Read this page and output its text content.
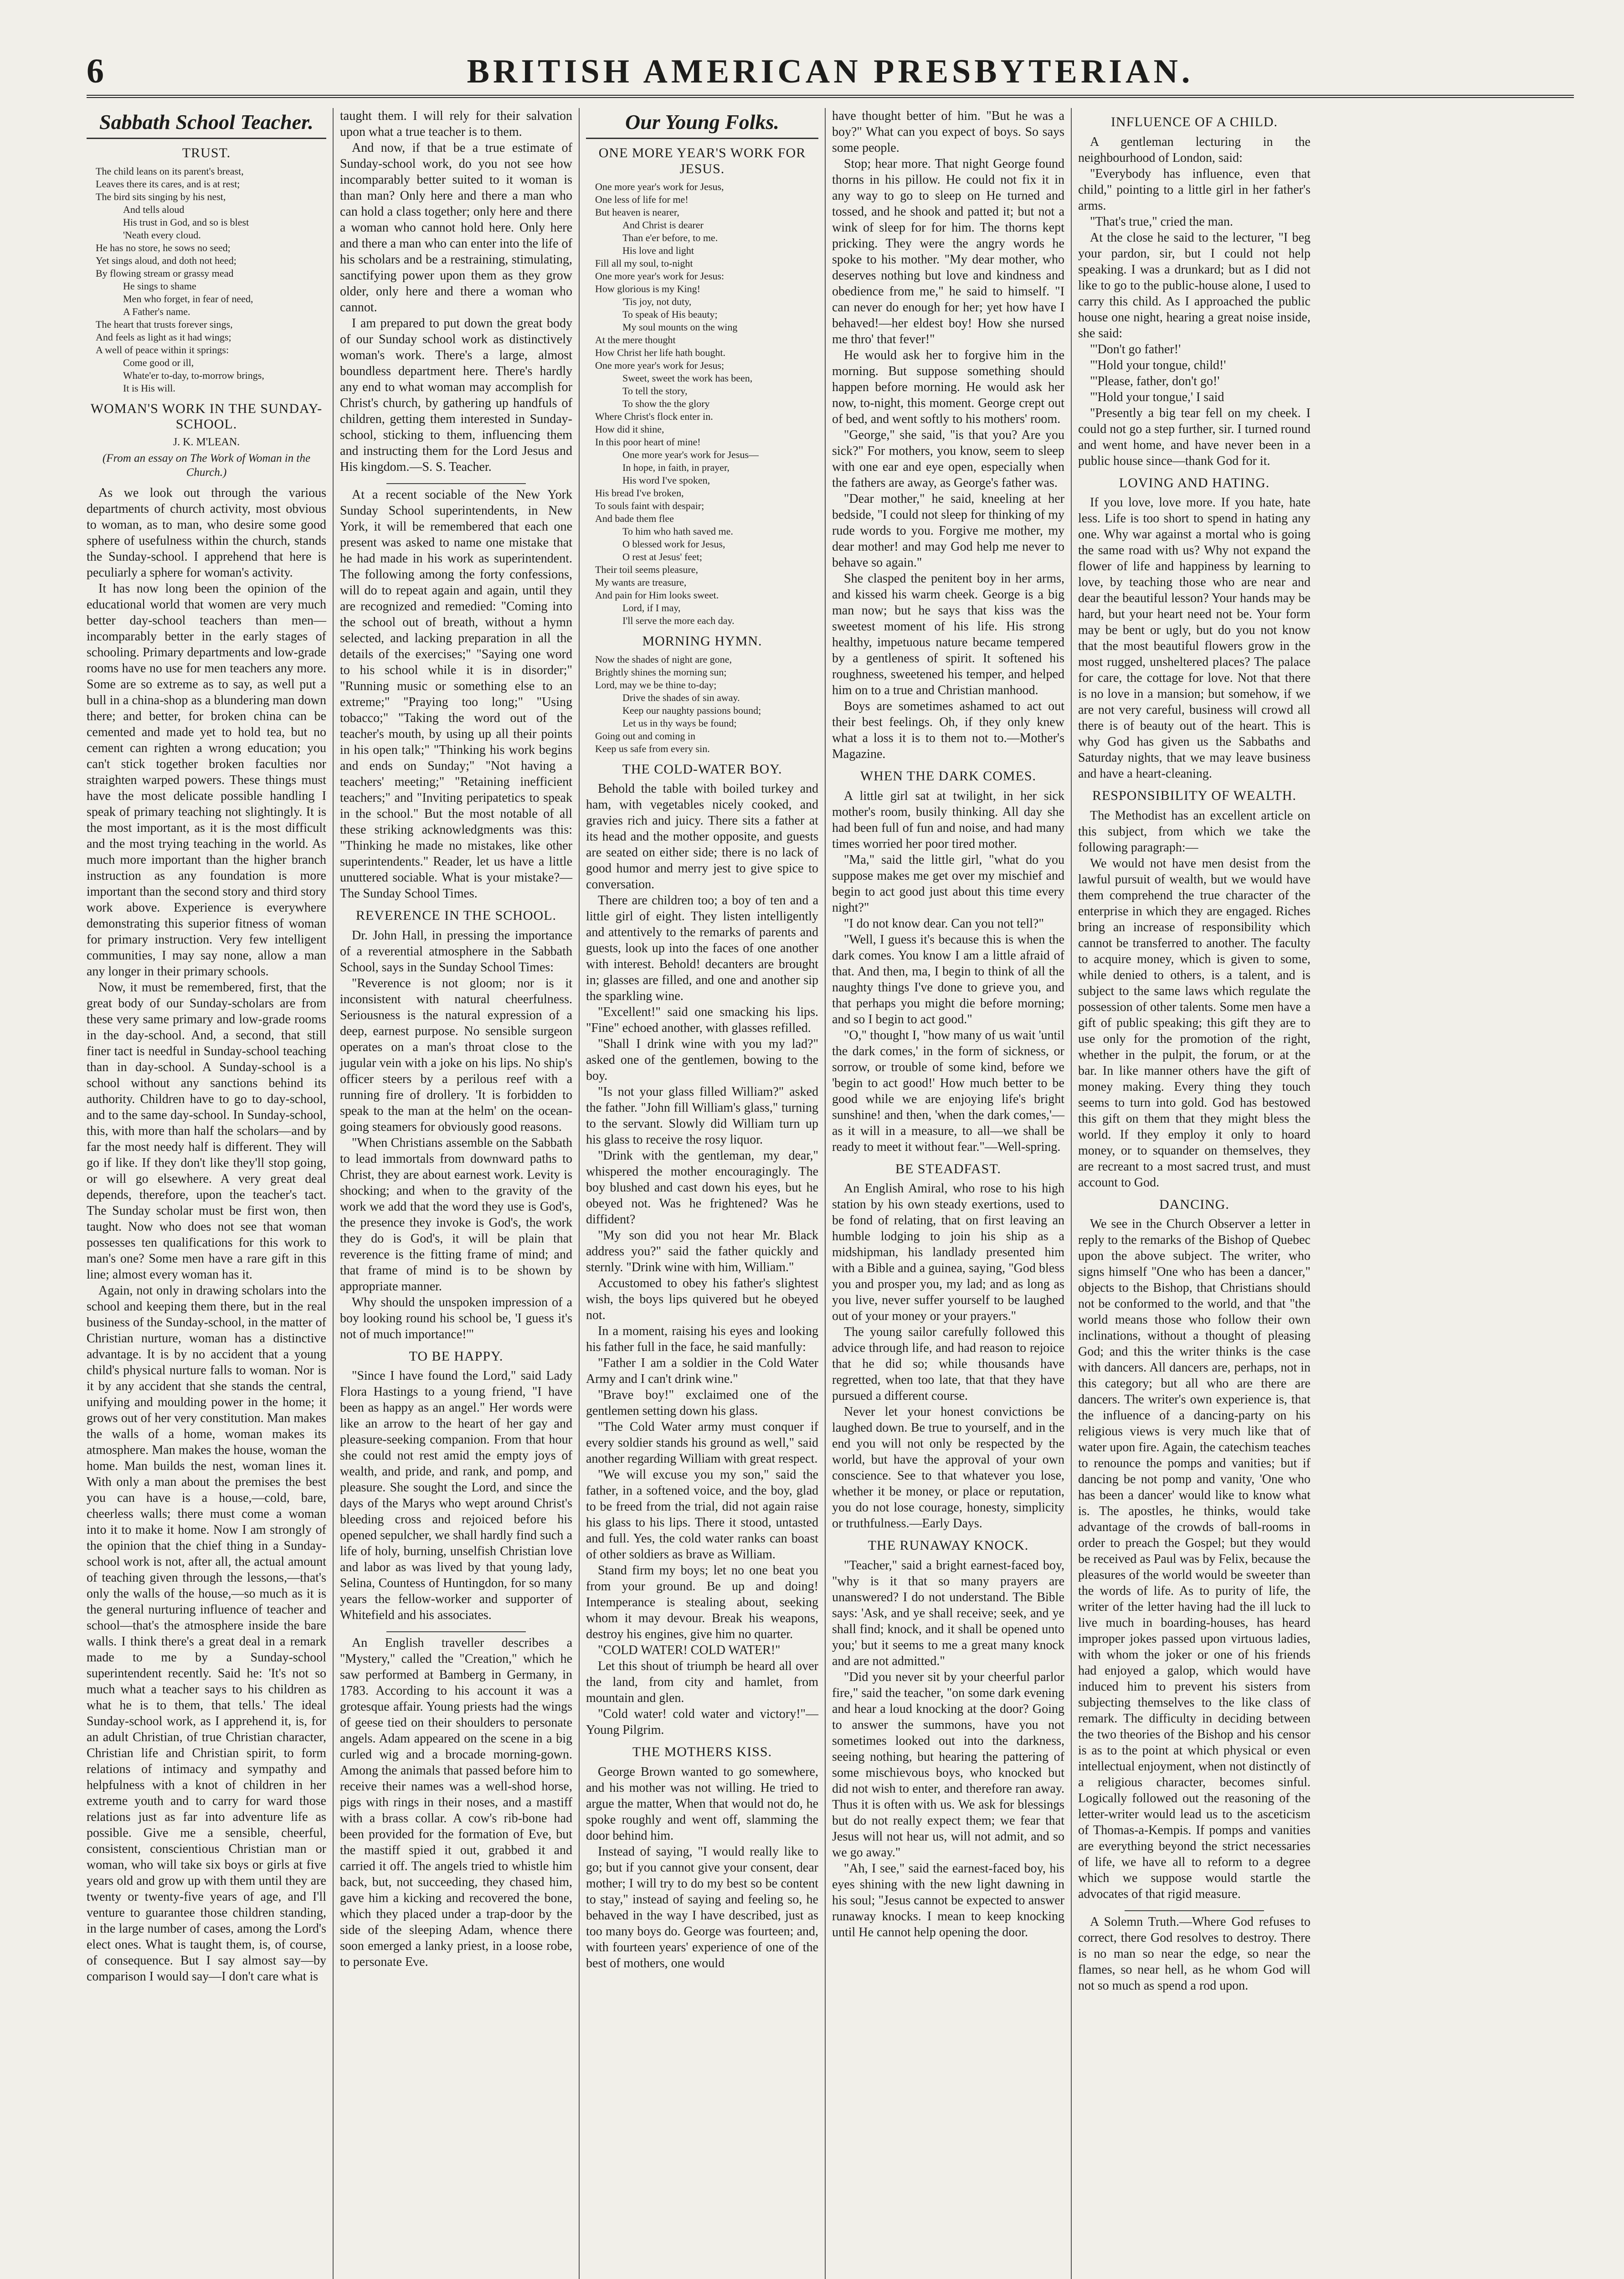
6	BRITISH AMERICAN PRESBYTERIAN.
Sabbath School Teacher.
TRUST.
The child leans on its parent's breast,
Leaves there its cares, and is at rest;
The bird sits singing by his nest,
And tells aloud
His trust in God, and so is blest
'Neath every cloud.
He has no store, he sows no seed;
Yet sings aloud, and doth not heed;
By flowing stream or grassy mead
He sings to shame
Men who forget, in fear of need,
A Father's name.
The heart that trusts forever sings,
And feels as light as it had wings;
A well of peace within it springs:
Come good or ill,
Whate'er to-day, to-morrow brings,
It is His will.
WOMAN'S WORK IN THE SUNDAY-SCHOOL.
J. K. M'LEAN.
(From an essay on The Work of Woman in the Church.)

As we look out through the various departments of church activity, most obvious to woman, as to man, who desire some good sphere of usefulness within the church, stands the Sunday-school. I apprehend that here is peculiarly a sphere for woman's activity.

It has now long been the opinion of the educational world that women are very much better day-school teachers than men—incomparably better in the early stages of schooling. Primary departments and low-grade rooms have no use for men teachers any more. Some are so extreme as to say, as well put a bull in a china-shop as a blundering man down there; and better, for broken china can be cemented and made yet to hold tea, but no cement can righten a wrong education; you can't stick together broken faculties nor straighten warped powers. These things must have the most delicate possible handling I speak of primary teaching not slightingly. It is the most important, as it is the most difficult and the most trying teaching in the world. As much more important than the higher branch instruction as any foundation is more important than the second story and third story work above. Experience is everywhere demonstrating this superior fitness of woman for primary instruction. Very few intelligent communities, I may say none, allow a man any longer in their primary schools.

Now, it must be remembered, first, that the great body of our Sunday-scholars are from these very same primary and low-grade rooms in the day-school. And, a second, that still finer tact is needful in Sunday-school teaching than in day-school. A Sunday-school is a school without any sanctions behind its authority. Children have to go to day-school, and to the same day-school. In Sunday-school, this, with more than half the scholars—and by far the most needy half is different. They will go if like. If they don't like they'll stop going, or will go elsewhere. A very great deal depends, therefore, upon the teacher's tact. The Sunday scholar must be first won, then taught. Now who does not see that woman possesses ten qualifications for this work to man's one? Some men have a rare gift in this line; almost every woman has it.

Again, not only in drawing scholars into the school and keeping them there, but in the real business of the Sunday-school, in the matter of Christian nurture, woman has a distinctive advantage. It is by no accident that a young child's physical nurture falls to woman. Nor is it by any accident that she stands the central, unifying and moulding power in the home; it grows out of her very constitution. Man makes the walls of a home, woman makes its atmosphere. Man makes the house, woman the home. Man builds the nest, woman lines it. With only a man about the premises the best you can have is a house,—cold, bare, cheerless walls; there must come a woman into it to make it home. Now I am strongly of the opinion that the chief thing in a Sunday-school work is not, after all, the actual amount of teaching given through the lessons,—that's only the walls of the house,—so much as it is the general nurturing influence of teacher and school—that's the atmosphere inside the bare walls. I think there's a great deal in a remark made to me by a Sunday-school superintendent recently. Said he: 'It's not so much what a teacher says to his children as what he is to them, that tells.' The ideal Sunday-school work, as I apprehend it, is, for an adult Christian, of true Christian character, Christian life and Christian spirit, to form relations of intimacy and sympathy and helpfulness with a knot of children in her extreme youth and to carry for ward those relations just as far into adventure life as possible. Give me a sensible, cheerful, consistent, conscientious Christian man or woman, who will take six boys or girls at five years old and grow up with them until they are twenty or twenty-five years of age, and I'll venture to guarantee those children standing, in the large number of cases, among the Lord's elect ones. What is taught them, is, of course, of consequence. But I say almost say—by comparison I would say—I don't care what is

taught them. I will rely for their salvation upon what a true teacher is to them.

And now, if that be a true estimate of Sunday-school work, do you not see how incomparably better suited to it woman is than man? Only here and there a man who can hold a class together; only here and there a woman who cannot hold here. Only here and there a man who can enter into the life of his scholars and be a restraining, stimulating, sanctifying power upon them as they grow older, only here and there a woman who cannot.

I am prepared to put down the great body of our Sunday school work as distinctively woman's work. There's a large, almost boundless department here. There's hardly any end to what woman may accomplish for Christ's church, by gathering up handfuls of children, getting them interested in Sunday-school, sticking to them, influencing them and instructing them for the Lord Jesus and His kingdom.—S. S. Teacher.

At a recent sociable of the New York Sunday School superintendents, in New York, it will be remembered that each one present was asked to name one mistake that he had made in his work as superintendent. The following among the forty confessions, will do to repeat again and again, until they are recognized and remedied: "Coming into the school out of breath, without a hymn selected, and lacking preparation in all the details of the exercises;" "Saying one word to his school while it is in disorder;" "Running music or something else to an extreme;" "Praying too long;" "Using tobacco;" "Taking the word out of the teacher's mouth, by using up all their points in his open talk;" "Thinking his work begins and ends on Sunday;" "Not having a teachers' meeting;" "Retaining inefficient teachers;" and "Inviting peripatetics to speak in the school." But the most notable of all these striking acknowledgments was this: "Thinking he made no mistakes, like other superintendents." Reader, let us have a little unuttered sociable. What is your mistake?—The Sunday School Times.

REVERENCE IN THE SCHOOL.

Dr. John Hall, in pressing the importance of a reverential atmosphere in the Sabbath School, says in the Sunday School Times:

"Reverence is not gloom; nor is it inconsistent with natural cheerfulness. Seriousness is the natural expression of a deep, earnest purpose. No sensible surgeon operates on a man's throat close to the jugular vein with a joke on his lips. No ship's officer steers by a perilous reef with a running fire of drollery. 'It is forbidden to speak to the man at the helm' on the ocean-going steamers for obviously good reasons.

"When Christians assemble on the Sabbath to lead immortals from downward paths to Christ, they are about earnest work. Levity is shocking; and when to the gravity of the work we add that the word they use is God's, the presence they invoke is God's, the work they do is God's, it will be plain that reverence is the fitting frame of mind; and that frame of mind is to be shown by appropriate manner.

Why should the unspoken impression of a boy looking round his school be, 'I guess it's not of much importance!'"

TO BE HAPPY.

"Since I have found the Lord," said Lady Flora Hastings to a young friend, "I have been as happy as an angel." Her words were like an arrow to the heart of her gay and pleasure-seeking companion. From that hour she could not rest amid the empty joys of wealth, and pride, and rank, and pomp, and pleasure. She sought the Lord, and since the days of the Marys who wept around Christ's bleeding cross and rejoiced before his opened sepulcher, we shall hardly find such a life of holy, burning, unselfish Christian love and labor as was lived by that young lady, Selina, Countess of Huntingdon, for so many years the fellow-worker and supporter of Whitefield and his associates.

An English traveller describes a "Mystery," called the "Creation," which he saw performed at Bamberg in Germany, in 1783. According to his account it was a grotesque affair. Young priests had the wings of geese tied on their shoulders to personate angels. Adam appeared on the scene in a big curled wig and a brocade morning-gown. Among the animals that passed before him to receive their names was a well-shod horse, pigs with rings in their noses, and a mastiff with a brass collar. A cow's rib-bone had been provided for the formation of Eve, but the mastiff spied it out, grabbed it and carried it off. The angels tried to whistle him back, but, not succeeding, they chased him, gave him a kicking and recovered the bone, which they placed under a trap-door by the side of the sleeping Adam, whence there soon emerged a lanky priest, in a loose robe, to personate Eve.

Our Young Folks.
ONE MORE YEAR'S WORK FOR JESUS.
One more year's work for Jesus,
One less of life for me!
But heaven is nearer,
And Christ is dearer
Than e'er before, to me.
His love and light
Fill all my soul, to-night
One more year's work for Jesus:
How glorious is my King!
'Tis joy, not duty,
To speak of His beauty;
My soul mounts on the wing
At the mere thought
How Christ her life hath bought.
One more year's work for Jesus;
Sweet, sweet the work has been,
To tell the story,
To show the the glory
Where Christ's flock enter in.
How did it shine,
In this poor heart of mine!
One more year's work for Jesus—
In hope, in faith, in prayer,
His word I've spoken,
His bread I've broken,
To souls faint with despair;
And bade them flee
To him who hath saved me.
O blessed work for Jesus,
O rest at Jesus' feet;
Their toil seems pleasure,
My wants are treasure,
And pain for Him looks sweet.
Lord, if I may,
I'll serve the more each day.
MORNING HYMN.
Now the shades of night are gone,
Brightly shines the morning sun;
Lord, may we be thine to-day;
Drive the shades of sin away.
Keep our naughty passions bound;
Let us in thy ways be found;
Going out and coming in
Keep us safe from every sin.
THE COLD-WATER BOY.

Behold the table with boiled turkey and ham, with vegetables nicely cooked, and gravies rich and juicy. There sits a father at its head and the mother opposite, and guests are seated on either side; there is no lack of good humor and merry jest to give spice to conversation.

There are children too; a boy of ten and a little girl of eight. They listen intelligently and attentively to the remarks of parents and guests, look up into the faces of one another with interest. Behold! decanters are brought in; glasses are filled, and one and another sip the sparkling wine.

"Excellent!" said one smacking his lips. "Fine" echoed another, with glasses refilled.

"Shall I drink wine with you my lad?" asked one of the gentlemen, bowing to the boy.

"Is not your glass filled William?" asked the father. "John fill William's glass," turning to the servant. Slowly did William turn up his glass to receive the rosy liquor.

"Drink with the gentleman, my dear," whispered the mother encouragingly. The boy blushed and cast down his eyes, but he obeyed not. Was he frightened? Was he diffident?

"My son did you not hear Mr. Black address you?" said the father quickly and sternly. "Drink wine with him, William."

Accustomed to obey his father's slightest wish, the boys lips quivered but he obeyed not.

In a moment, raising his eyes and looking his father full in the face, he said manfully:

"Father I am a soldier in the Cold Water Army and I can't drink wine."

"Brave boy!" exclaimed one of the gentlemen setting down his glass.

"The Cold Water army must conquer if every soldier stands his ground as well," said another regarding William with great respect.

"We will excuse you my son," said the father, in a softened voice, and the boy, glad to be freed from the trial, did not again raise his glass to his lips. There it stood, untasted and full. Yes, the cold water ranks can boast of other soldiers as brave as William.

Stand firm my boys; let no one beat you from your ground. Be up and doing! Intemperance is stealing about, seeking whom it may devour. Break his weapons, destroy his engines, give him no quarter.

"COLD WATER! COLD WATER!"

Let this shout of triumph be heard all over the land, from city and hamlet, from mountain and glen.

"Cold water! cold water and victory!"—Young Pilgrim.

THE MOTHERS KISS.

George Brown wanted to go somewhere, and his mother was not willing. He tried to argue the matter, When that would not do, he spoke roughly and went off, slamming the door behind him.

Instead of saying, "I would really like to go; but if you cannot give your consent, dear mother; I will try to do my best so be content to stay," instead of saying and feeling so, he behaved in the way I have described, just as too many boys do. George was fourteen; and, with fourteen years' experience of one of the best of mothers, one would

have thought better of him. "But he was a boy?" What can you expect of boys. So says some people.

Stop; hear more. That night George found thorns in his pillow. He could not fix it in any way to go to sleep on He turned and tossed, and he shook and patted it; but not a wink of sleep for for him. The thorns kept pricking. They were the angry words he spoke to his mother. "My dear mother, who deserves nothing but love and kindness and obedience from me," he said to himself. "I can never do enough for her; yet how have I behaved!—her eldest boy! How she nursed me thro' that fever!"

He would ask her to forgive him in the morning. But suppose something should happen before morning. He would ask her now, to-night, this moment. George crept out of bed, and went softly to his mothers' room.

"George," she said, "is that you? Are you sick?" For mothers, you know, seem to sleep with one ear and eye open, especially when the fathers are away, as George's father was.

"Dear mother," he said, kneeling at her bedside, "I could not sleep for thinking of my rude words to you. Forgive me mother, my dear mother! and may God help me never to behave so again."

She clasped the penitent boy in her arms, and kissed his warm cheek. George is a big man now; but he says that kiss was the sweetest moment of his life. His strong healthy, impetuous nature became tempered by a gentleness of spirit. It softened his roughness, sweetened his temper, and helped him on to a true and Christian manhood.

Boys are sometimes ashamed to act out their best feelings. Oh, if they only knew what a loss it is to them not to.—Mother's Magazine.

WHEN THE DARK COMES.

A little girl sat at twilight, in her sick mother's room, busily thinking. All day she had been full of fun and noise, and had many times worried her poor tired mother.

"Ma," said the little girl, "what do you suppose makes me get over my mischief and begin to act good just about this time every night?"

"I do not know dear. Can you not tell?"

"Well, I guess it's because this is when the dark comes. You know I am a little afraid of that. And then, ma, I begin to think of all the naughty things I've done to grieve you, and that perhaps you might die before morning; and so I begin to act good."

"O," thought I, "how many of us wait 'until the dark comes,' in the form of sickness, or sorrow, or trouble of some kind, before we 'begin to act good!' How much better to be good while we are enjoying life's bright sunshine! and then, 'when the dark comes,'—as it will in a measure, to all—we shall be ready to meet it without fear."—Well-spring.

BE STEADFAST.

An English Amiral, who rose to his high station by his own steady exertions, used to be fond of relating, that on first leaving an humble lodging to join his ship as a midshipman, his landlady presented him with a Bible and a guinea, saying, "God bless you and prosper you, my lad; and as long as you live, never suffer yourself to be laughed out of your money or your prayers."

The young sailor carefully followed this advice through life, and had reason to rejoice that he did so; while thousands have regretted, when too late, that that they have pursued a different course.

Never let your honest convictions be laughed down. Be true to yourself, and in the end you will not only be respected by the world, but have the approval of your own conscience. See to that whatever you lose, whether it be money, or place or reputation, you do not lose courage, honesty, simplicity or truthfulness.—Early Days.

THE RUNAWAY KNOCK.

"Teacher," said a bright earnest-faced boy, "why is it that so many prayers are unanswered? I do not understand. The Bible says: 'Ask, and ye shall receive; seek, and ye shall find; knock, and it shall be opened unto you;' but it seems to me a great many knock and are not admitted."

"Did you never sit by your cheerful parlor fire," said the teacher, "on some dark evening and hear a loud knocking at the door? Going to answer the summons, have you not sometimes looked out into the darkness, seeing nothing, but hearing the pattering of some mischievous boys, who knocked but did not wish to enter, and therefore ran away. Thus it is often with us. We ask for blessings but do not really expect them; we fear that Jesus will not hear us, will not admit, and so we go away."

"Ah, I see," said the earnest-faced boy, his eyes shining with the new light dawning in his soul; "Jesus cannot be expected to answer runaway knocks. I mean to keep knocking until He cannot help opening the door.

INFLUENCE OF A CHILD.

A gentleman lecturing in the neighbourhood of London, said:

"Everybody has influence, even that child," pointing to a little girl in her father's arms.

"That's true," cried the man.

At the close he said to the lecturer, "I beg your pardon, sir, but I could not help speaking. I was a drunkard; but as I did not like to go to the public-house alone, I used to carry this child. As I approached the public house one night, hearing a great noise inside, she said:

"'Don't go father!'

"'Hold your tongue, child!'

"'Please, father, don't go!'

"'Hold your tongue,' I said

"Presently a big tear fell on my cheek. I could not go a step further, sir. I turned round and went home, and have never been in a public house since—thank God for it.

LOVING AND HATING.

If you love, love more. If you hate, hate less. Life is too short to spend in hating any one. Why war against a mortal who is going the same road with us? Why not expand the flower of life and happiness by learning to love, by teaching those who are near and dear the beautiful lesson? Your hands may be hard, but your heart need not be. Your form may be bent or ugly, but do you not know that the most beautiful flowers grow in the most rugged, unsheltered places? The palace for care, the cottage for love. Not that there is no love in a mansion; but somehow, if we are not very careful, business will crowd all there is of beauty out of the heart. This is why God has given us the Sabbaths and Saturday nights, that we may leave business and have a heart-cleaning.

RESPONSIBILITY OF WEALTH.

The Methodist has an excellent article on this subject, from which we take the following paragraph:—

We would not have men desist from the lawful pursuit of wealth, but we would have them comprehend the true character of the enterprise in which they are engaged. Riches bring an increase of responsibility which cannot be transferred to another. The faculty to acquire money, which is given to some, while denied to others, is a talent, and is subject to the same laws which regulate the possession of other talents. Some men have a gift of public speaking; this gift they are to use only for the promotion of the right, whether in the pulpit, the forum, or at the bar. In like manner others have the gift of money making. Every thing they touch seems to turn into gold. God has bestowed this gift on them that they might bless the world. If they employ it only to hoard money, or to squander on themselves, they are recreant to a most sacred trust, and must account to God.

DANCING.

We see in the Church Observer a letter in reply to the remarks of the Bishop of Quebec upon the above subject. The writer, who signs himself "One who has been a dancer," objects to the Bishop, that Christians should not be conformed to the world, and that "the world means those who follow their own inclinations, without a thought of pleasing God; and this the writer thinks is the case with dancers. All dancers are, perhaps, not in this category; but all who are there are dancers. The writer's own experience is, that the influence of a dancing-party on his religious views is very much like that of water upon fire. Again, the catechism teaches to renounce the pomps and vanities; but if dancing be not pomp and vanity, 'One who has been a dancer' would like to know what is. The apostles, he thinks, would take advantage of the crowds of ball-rooms in order to preach the Gospel; but they would be received as Paul was by Felix, because the pleasures of the world would be sweeter than the words of life. As to purity of life, the writer of the letter having had the ill luck to live much in boarding-houses, has heard improper jokes passed upon virtuous ladies, with whom the joker or one of his friends had enjoyed a galop, which would have induced him to prevent his sisters from subjecting themselves to the like class of remark. The difficulty in deciding between the two theories of the Bishop and his censor is as to the point at which physical or even intellectual enjoyment, when not distinctly of a religious character, becomes sinful. Logically followed out the reasoning of the letter-writer would lead us to the asceticism of Thomas-a-Kempis. If pomps and vanities are everything beyond the strict necessaries of life, we have all to reform to a degree which we suppose would startle the advocates of that rigid measure.

A Solemn Truth.—Where God refuses to correct, there God resolves to destroy. There is no man so near the edge, so near the flames, so near hell, as he whom God will not so much as spend a rod upon.
